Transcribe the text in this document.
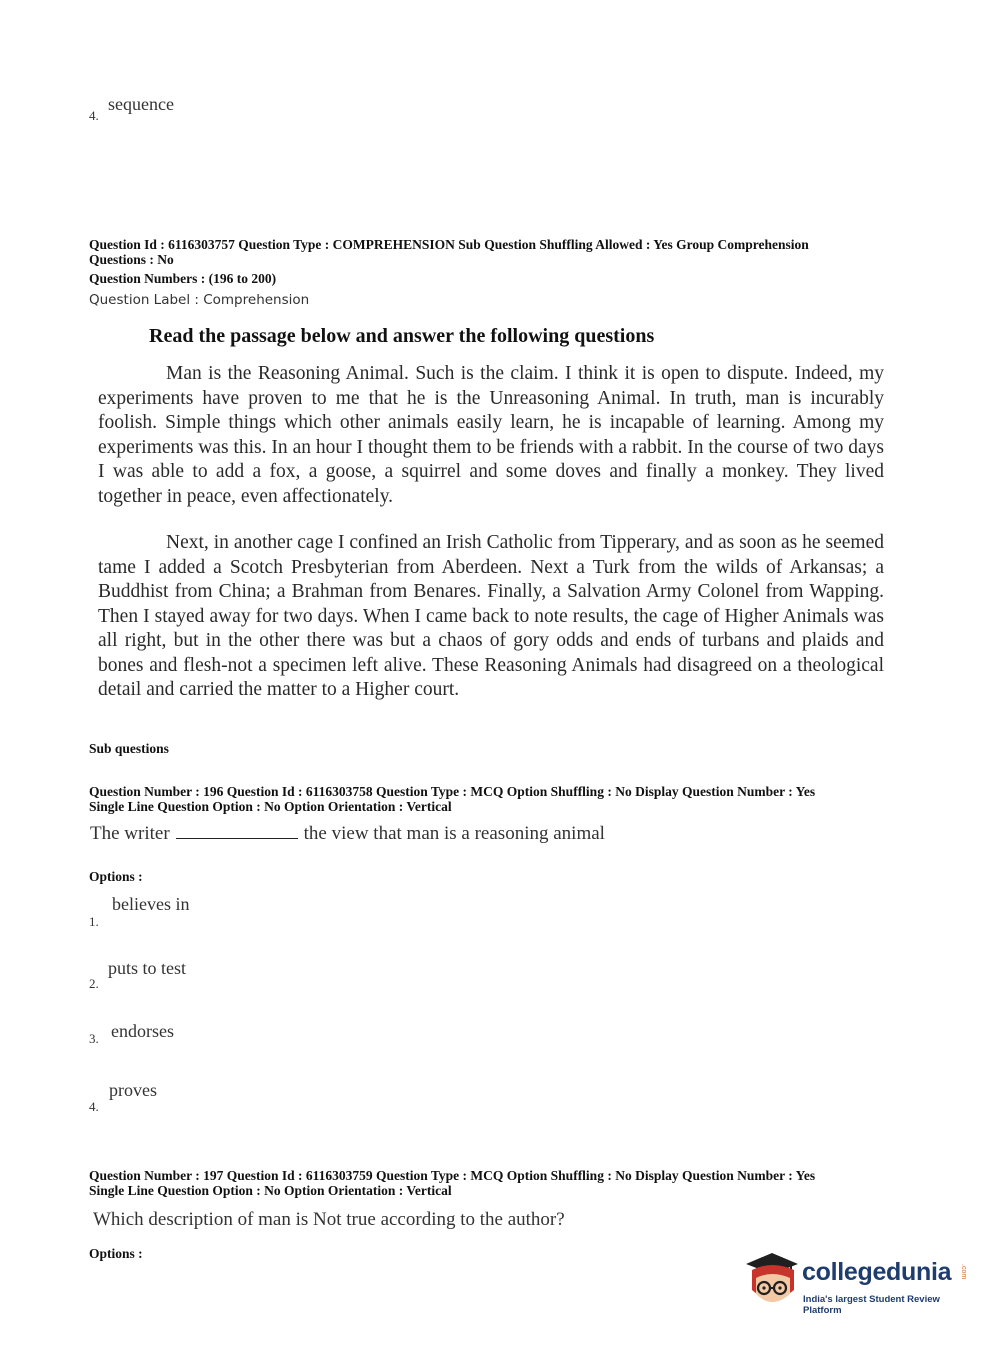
4.
sequence
Question Id : 6116303757 Question Type : COMPREHENSION Sub Question Shuffling Allowed : Yes Group Comprehension
Questions : No
Question Numbers : (196 to 200)
Question Label : Comprehension
Read the passage below and answer the following questions
Man is the Reasoning Animal. Such is the claim. I think it is open to dispute. Indeed, my experiments have proven to me that he is the Unreasoning Animal. In truth, man is incurably foolish. Simple things which other animals easily learn, he is incapable of learning. Among my experiments was this. In an hour I thought them to be friends with a rabbit. In the course of two days I was able to add a fox, a goose, a squirrel and some doves and finally a monkey. They lived together in peace, even affectionately.
Next, in another cage I confined an Irish Catholic from Tipperary, and as soon as he seemed tame I added a Scotch Presbyterian from Aberdeen. Next a Turk from the wilds of Arkansas; a Buddhist from China; a Brahman from Benares. Finally, a Salvation Army Colonel from Wapping. Then I stayed away for two days. When I came back to note results, the cage of Higher Animals was all right, but in the other there was but a chaos of gory odds and ends of turbans and plaids and bones and flesh-not a specimen left alive. These Reasoning Animals had disagreed on a theological detail and carried the matter to a Higher court.
Sub questions
Question Number : 196 Question Id : 6116303758 Question Type : MCQ Option Shuffling : No Display Question Number : Yes
Single Line Question Option : No Option Orientation : Vertical
The writer	the view that man is a reasoning animal
Options :
1.
believes in
2.
puts to test
3. endorses
4.
proves
Question Number : 197 Question Id : 6116303759 Question Type : MCQ Option Shuffling : No Display Question Number : Yes
Single Line Question Option : No Option Orientation : Vertical
Which description of man is Not true according to the author?
Options :
collegedunia .com
India's largest Student Review Platform
